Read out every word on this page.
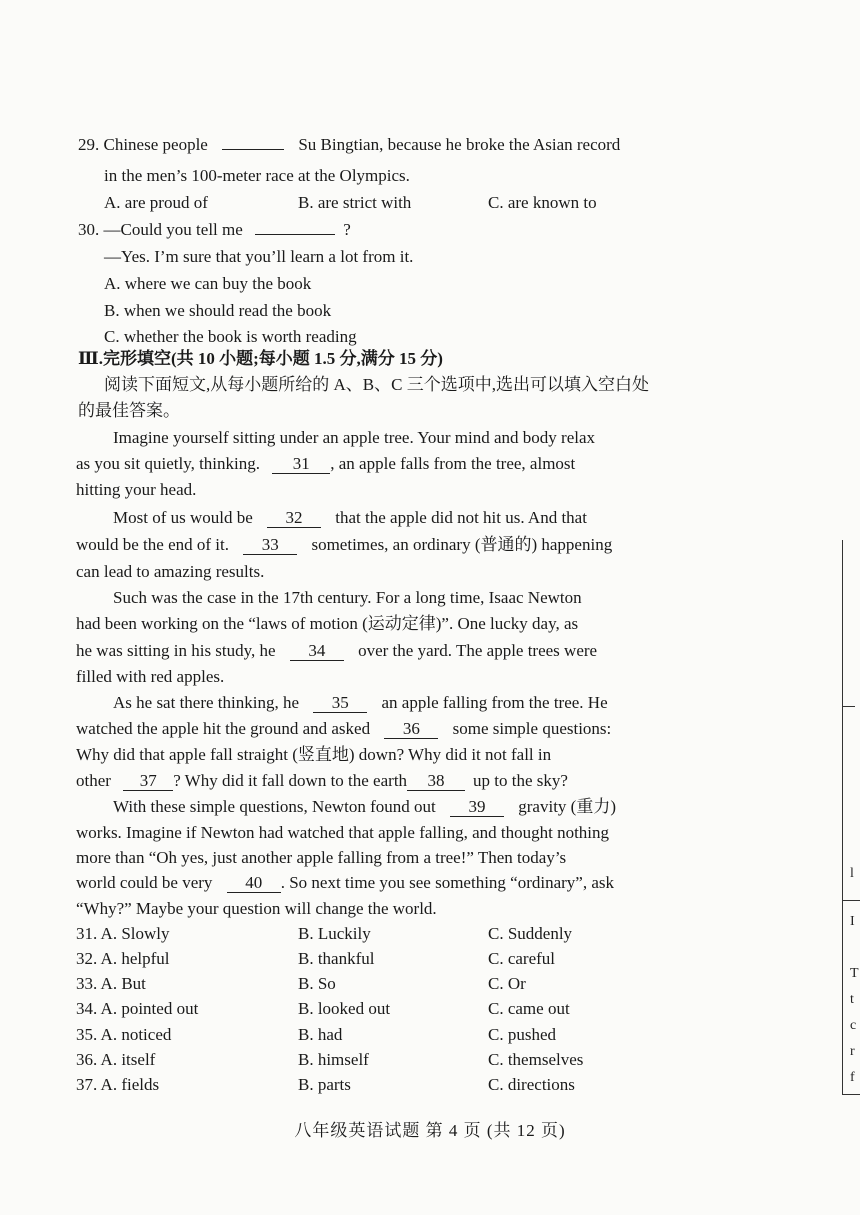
29. Chinese people	Su Bingtian, because he broke the Asian record
in the men’s 100-meter race at the Olympics.
A. are proud of	B. are strict with	C. are known to
30. —Could you tell me	?
—Yes. I’m sure that you’ll learn a lot from it.
A. where we can buy the book
B. when we should read the book
C. whether the book is worth reading
Ⅲ.完形填空(共 10 小题;每小题 1.5 分,满分 15 分)
阅读下面短文,从每小题所给的 A、B、C 三个选项中,选出可以填入空白处
的最佳答案。
Imagine yourself sitting under an apple tree. Your mind and body relax
as you sit quietly, thinking. 31 , an apple falls from the tree, almost
hitting your head.
Most of us would be 32 that the apple did not hit us. And that
would be the end of it. 33 sometimes, an ordinary (普通的) happening
can lead to amazing results.
Such was the case in the 17th century. For a long time, Isaac Newton
had been working on the “laws of motion (运动定律)”. One lucky day, as
he was sitting in his study, he 34 over the yard. The apple trees were
filled with red apples.
As he sat there thinking, he 35 an apple falling from the tree. He
watched the apple hit the ground and asked 36 some simple questions:
Why did that apple fall straight (竖直地) down? Why did it not fall in
other 37 ? Why did it fall down to the earth 38 up to the sky?
With these simple questions, Newton found out 39 gravity (重力)
works. Imagine if Newton had watched that apple falling, and thought nothing
more than “Oh yes, just another apple falling from a tree!” Then today’s
world could be very 40 . So next time you see something “ordinary”, ask
“Why?” Maybe your question will change the world.
31. A. Slowly	B. Luckily	C. Suddenly
32. A. helpful	B. thankful	C. careful
33. A. But	B. So	C. Or
34. A. pointed out	B. looked out	C. came out
35. A. noticed	B. had	C. pushed
36. A. itself	B. himself	C. themselves
37. A. fields	B. parts	C. directions
八年级英语试题 第 4 页 (共 12 页)
l
I
T
t
c
r
f
